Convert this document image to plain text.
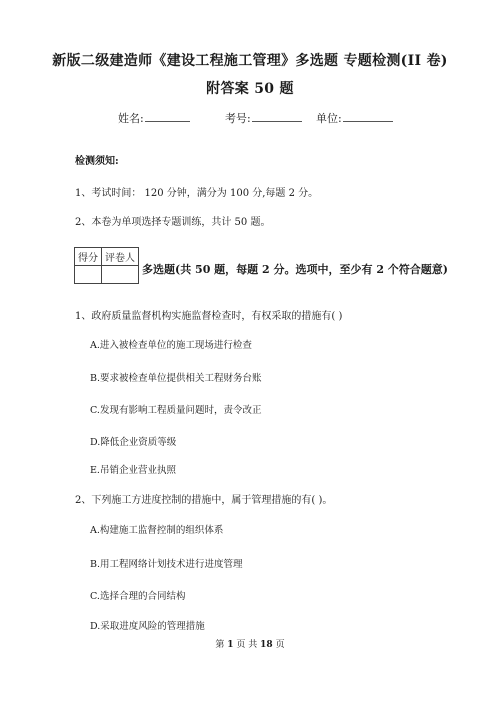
新版二级建造师《建设工程施工管理》多选题 专题检测(II 卷)
附答案 50 题
姓名:	考号:	单位:
检测须知:
1、考试时间： 120 分钟，满分为 100 分,每题 2 分。
2、本卷为单项选择专题训练，共计 50 题。
得分	评卷人

多选题(共 50 题，每题 2 分。选项中，至少有 2 个符合题意)
1、政府质量监督机构实施监督检查时，有权采取的措施有( )
A.进入被检查单位的施工现场进行检查
B.要求被检查单位提供相关工程财务台账
C.发现有影响工程质量问题时，责令改正
D.降低企业资质等级
E.吊销企业营业执照
2、下列施工方进度控制的措施中，属于管理措施的有( )。
A.构建施工监督控制的组织体系
B.用工程网络计划技术进行进度管理
C.选择合理的合同结构
D.采取进度风险的管理措施
第 1 页 共 18 页
